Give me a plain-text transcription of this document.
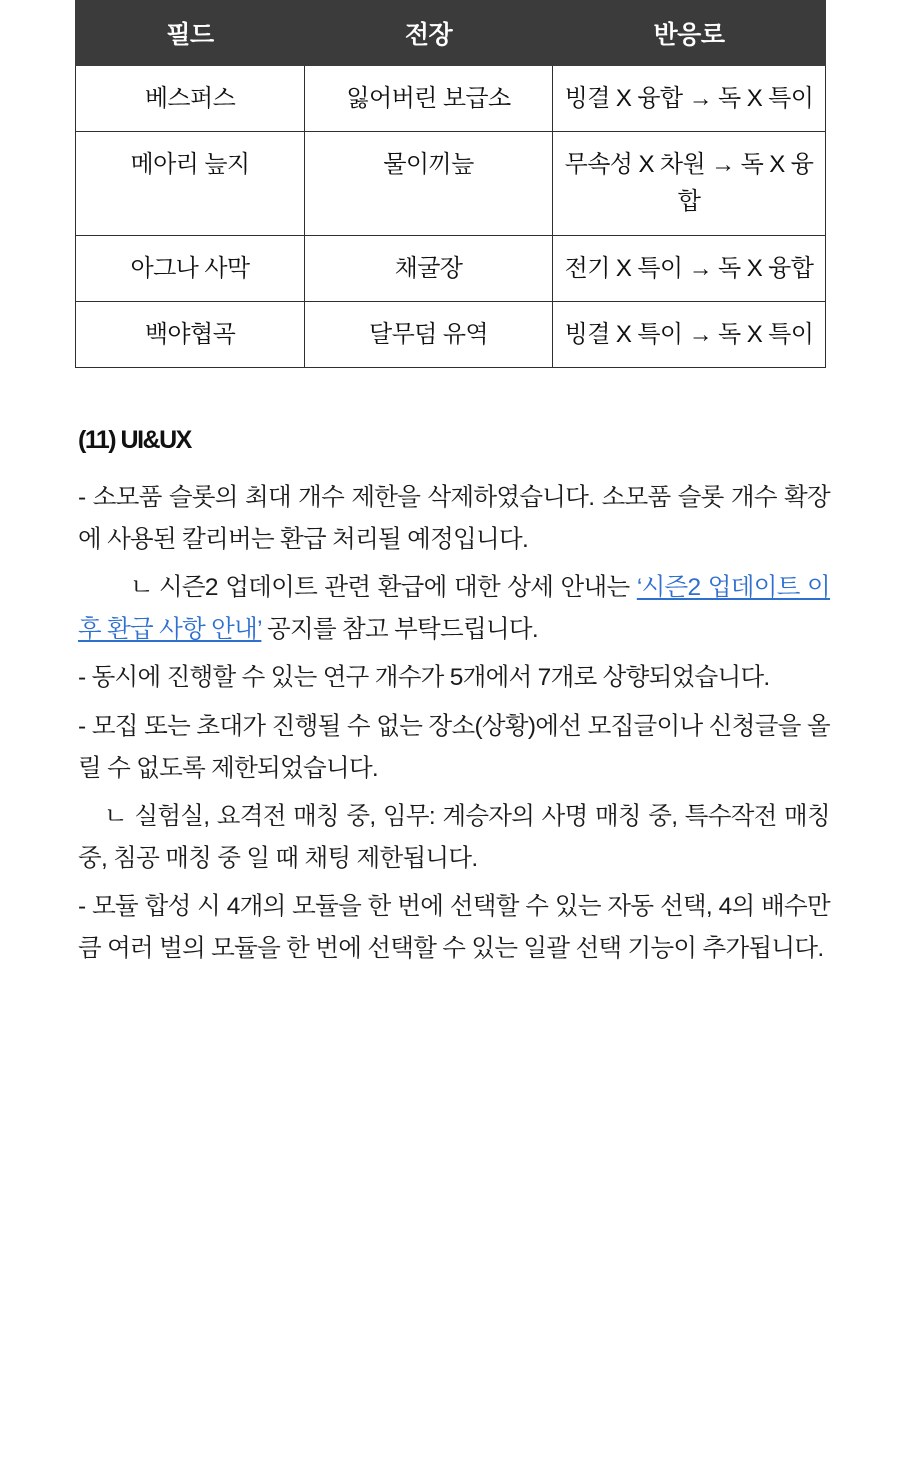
필드	전장	반응로
베스퍼스	잃어버린 보급소	빙결 X 융합 → 독 X 특이
메아리 늪지	물이끼늪	무속성 X 차원 → 독 X 융합
아그나 사막	채굴장	전기 X 특이 → 독 X 융합
백야협곡	달무덤 유역	빙결 X 특이 → 독 X 특이
(11) UI&UX

- 소모품 슬롯의 최대 개수 제한을 삭제하였습니다. 소모품 슬롯 개수 확장에 사용된 칼리버는 환급 처리될 예정입니다.

ㄴ 시즌2 업데이트 관련 환급에 대한 상세 안내는 ‘시즌2 업데이트 이후 환급 사항 안내’ 공지를 참고 부탁드립니다.

- 동시에 진행할 수 있는 연구 개수가 5개에서 7개로 상향되었습니다.

- 모집 또는 초대가 진행될 수 없는 장소(상황)에선 모집글이나 신청글을 올릴 수 없도록 제한되었습니다.

ㄴ 실험실, 요격전 매칭 중, 임무: 계승자의 사명 매칭 중, 특수작전 매칭 중, 침공 매칭 중 일 때 채팅 제한됩니다.

- 모듈 합성 시 4개의 모듈을 한 번에 선택할 수 있는 자동 선택, 4의 배수만큼 여러 벌의 모듈을 한 번에 선택할 수 있는 일괄 선택 기능이 추가됩니다.
